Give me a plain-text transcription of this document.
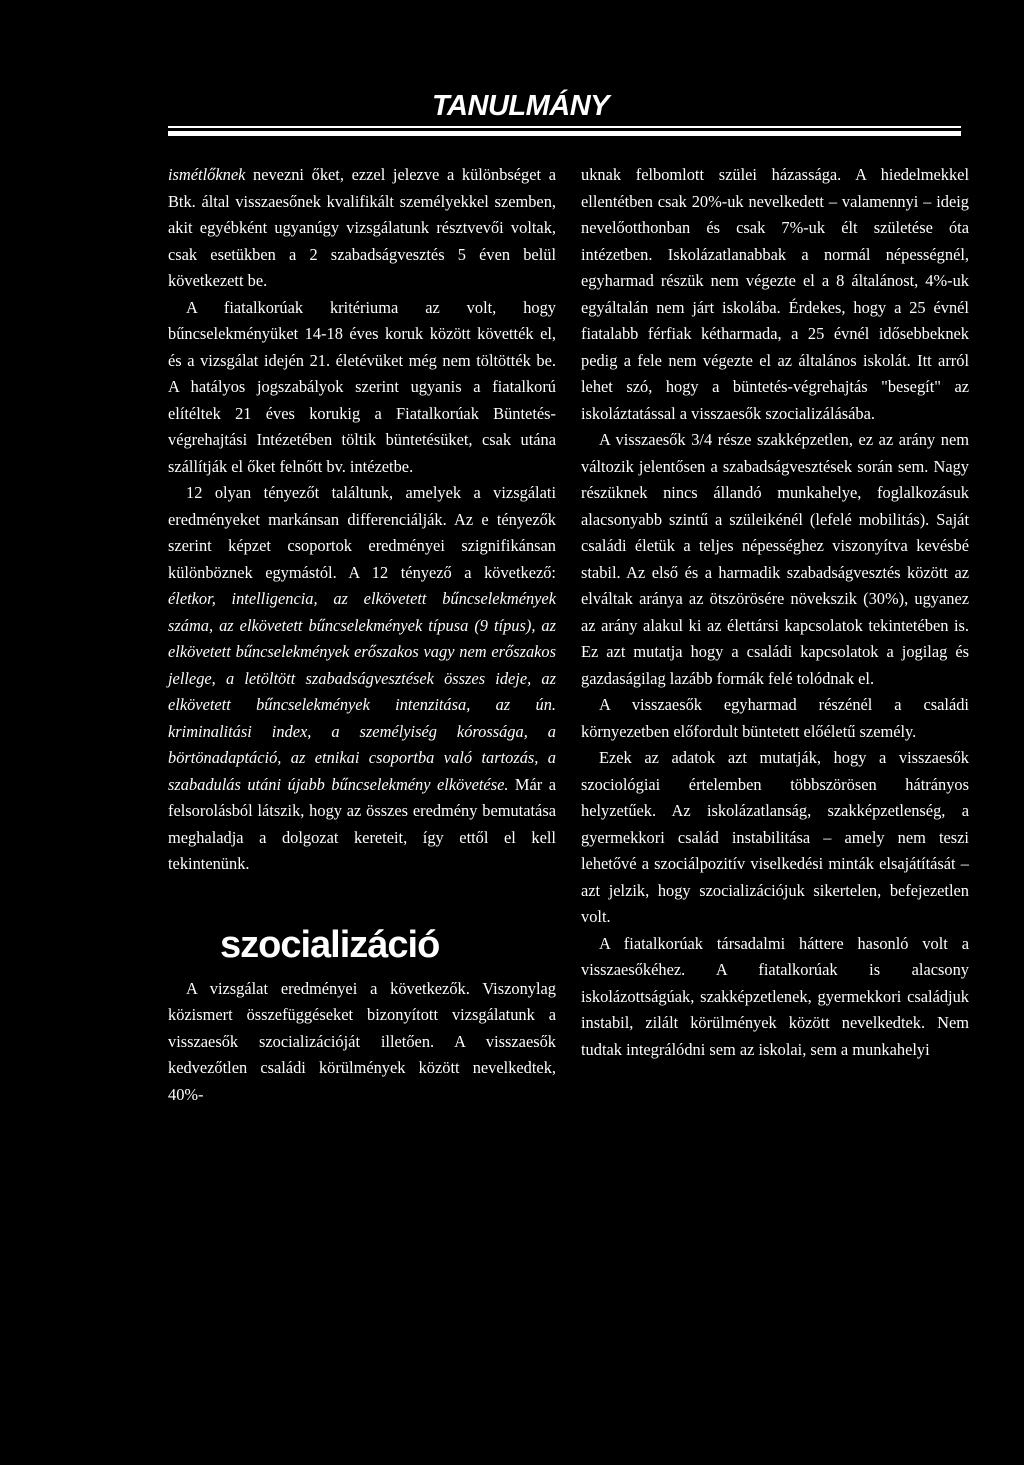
TANULMÁNY

ismétlőknek nevezni őket, ezzel jelezve a különbséget a Btk. által visszaesőnek kvalifikált személyekkel szemben, akit egyébként ugyanúgy vizsgálatunk résztvevői voltak, csak esetükben a 2 szabadságvesztés 5 éven belül következett be.

A fiatalkorúak kritériuma az volt, hogy bűncselekményüket 14-18 éves koruk között követték el, és a vizsgálat idején 21. életévüket még nem töltötték be. A hatályos jogszabályok szerint ugyanis a fiatalkorú elítéltek 21 éves korukig a Fiatalkorúak Büntetés-végrehajtási Intézetében töltik büntetésüket, csak utána szállítják el őket felnőtt bv. intézetbe.

12 olyan tényezőt találtunk, amelyek a vizsgálati eredményeket markánsan differenciálják. Az e tényezők szerint képzet csoportok eredményei szignifikánsan különböznek egymástól. A 12 tényező a következő: életkor, intelligencia, az elkövetett bűncselekmények száma, az elkövetett bűncselekmények típusa (9 típus), az elkövetett bűncselekmények erőszakos vagy nem erőszakos jellege, a letöltött szabadságvesztések összes ideje, az elkövetett bűncselekmények intenzitása, az ún. kriminalitási index, a személyiség kórossága, a börtönadaptáció, az etnikai csoportba való tartozás, a szabadulás utáni újabb bűncselekmény elkövetése. Már a felsorolásból látszik, hogy az összes eredmény bemutatása meghaladja a dolgozat kereteit, így ettől el kell tekintenünk.

szocializáció

A vizsgálat eredményei a következők. Viszonylag közismert összefüggéseket bizonyított vizsgálatunk a visszaesők szocializációját illetően. A visszaesők kedvezőtlen családi körülmények között nevelkedtek, 40%-

uknak felbomlott szülei házassága. A hiedelmekkel ellentétben csak 20%-uk nevelkedett – valamennyi – ideig nevelőotthonban és csak 7%-uk élt születése óta intézetben. Iskolázatlanabbak a normál népességnél, egyharmad részük nem végezte el a 8 általánost, 4%-uk egyáltalán nem járt iskolába. Érdekes, hogy a 25 évnél fiatalabb férfiak kétharmada, a 25 évnél idősebbeknek pedig a fele nem végezte el az általános iskolát. Itt arról lehet szó, hogy a büntetés-végrehajtás "besegít" az iskoláztatással a visszaesők szocializálásába.

A visszaesők 3/4 része szakképzetlen, ez az arány nem változik jelentősen a szabadságvesztések során sem. Nagy részüknek nincs állandó munkahelye, foglalkozásuk alacsonyabb szintű a szüleikénél (lefelé mobilitás). Saját családi életük a teljes népességhez viszonyítva kevésbé stabil. Az első és a harmadik szabadságvesztés között az elváltak aránya az ötszörösére növekszik (30%), ugyanez az arány alakul ki az élettársi kapcsolatok tekintetében is. Ez azt mutatja hogy a családi kapcsolatok a jogilag és gazdaságilag lazább formák felé tolódnak el.

A visszaesők egyharmad részénél a családi környezetben előfordult büntetett előéletű személy.

Ezek az adatok azt mutatják, hogy a visszaesők szociológiai értelemben többszörösen hátrányos helyzetűek. Az iskolázatlanság, szakképzetlenség, a gyermekkori család instabilitása – amely nem teszi lehetővé a szociálpozitív viselkedési minták elsajátítását – azt jelzik, hogy szocializációjuk sikertelen, befejezetlen volt.

A fiatalkorúak társadalmi háttere hasonló volt a visszaesőkéhez. A fiatalkorúak is alacsony iskolázottságúak, szakképzetlenek, gyermekkori családjuk instabil, zilált körülmények között nevelkedtek. Nem tudtak integrálódni sem az iskolai, sem a munkahelyi
